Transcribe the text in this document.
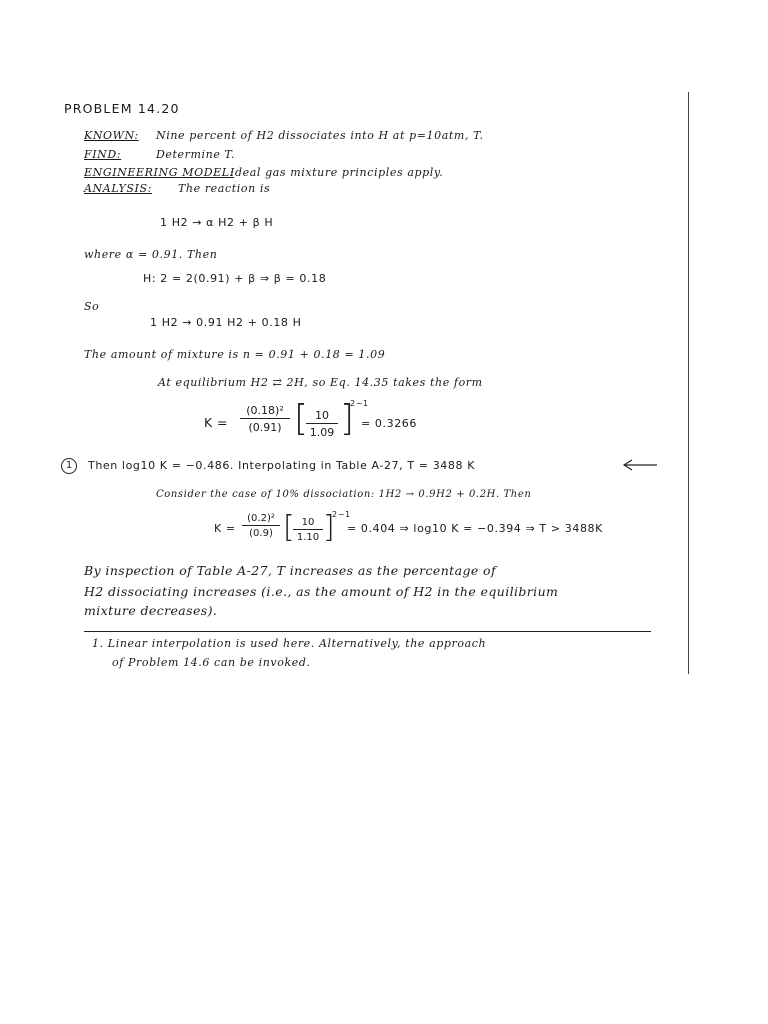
PROBLEM 14.20
KNOWN: Nine percent of H2 dissociates into H at p=10atm, T.
FIND:	Determine T.
ENGINEERING MODEL:
Ideal gas mixture principles apply.
ANALYSIS: The reaction is
1 H2 → α H2 + β H
where α = 0.91. Then
H: 2 = 2(0.91) + β ⇒ β = 0.18
So
1 H2 → 0.91 H2 + 0.18 H
The amount of mixture is n = 0.91 + 0.18 = 1.09
At equilibrium H2 ⇄ 2H, so Eq. 14.35 takes the form
$K = \frac{\text{(0.18)²}}{(0.91)}$ [
$\frac{10}{1.09}$ ]
2−1
= 0.3266
1	Then log10 K = −0.486. Interpolating in Table A-27, T = 3488 K
Consider the case of 10% dissociation: 1H2 → 0.9H2 + 0.2H. Then
$K = \frac{\text{(0.2)²}}{(0.9)}$ [
$\frac{10}{1.10}$ ]
2−1
= 0.404 ⇒ log10 K = −0.394 ⇒ T > 3488K
By inspection of Table A-27, T increases as the percentage of
H2 dissociating increases (i.e., as the amount of H2 in the equilibrium
mixture decreases).
1. Linear interpolation is used here. Alternatively, the approach
of Problem 14.6 can be invoked.
